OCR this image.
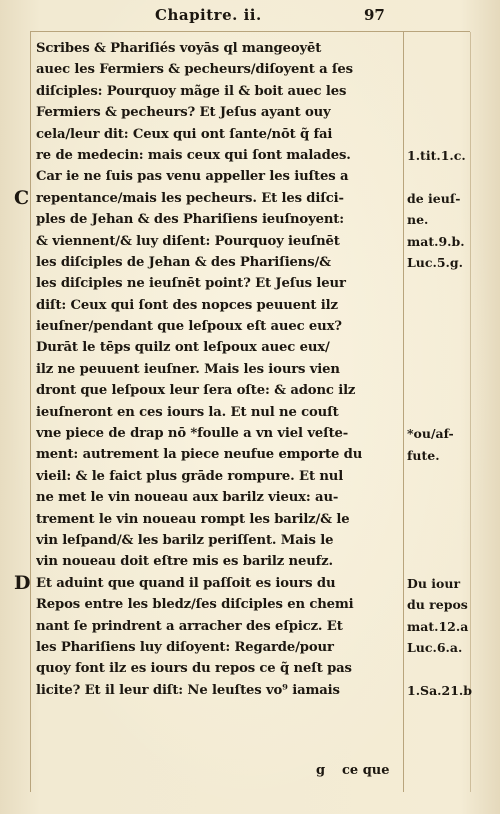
Chapitre. ii.	97
Scribes & Phariſiés voyās ql mangeoyēt
auec les Fermiers & pecheurs/diſoyent a ſes
diſciples: Pourquoy mãge il & boit auec les
Fermiers & pecheurs? Et Jeſus ayant ouy
cela/leur dit: Ceux qui ont ſante/nōt q̃ fai
re de medecin: mais ceux qui ſont malades.
Car ie ne ſuis pas venu appeller les iuſtes a
repentance/mais les pecheurs. Et les diſci-
ples de Jehan & des Phariſiens ieuſnoyent:
& viennent/& luy diſent: Pourquoy ieuſnēt
les diſciples de Jehan & des Phariſiens/&
les diſciples ne ieuſnēt point? Et Jeſus leur
diſt: Ceux qui ſont des nopces peuuent ilz
ieuſner/pendant que leſpoux eſt auec eux?
Durāt le tēps quilz ont leſpoux auec eux/
ilz ne peuuent ieuſner. Mais les iours vien
dront que leſpoux leur ſera oſte: & adonc ilz
ieuſneront en ces iours la. Et nul ne couſt
vne piece de drap nō *foulle a vn viel veſte-
ment: autrement la piece neufue emporte du
vieil: & le faict plus grāde rompure. Et nul
ne met le vin noueau aux barilz vieux: au-
trement le vin noueau rompt les barilz/& le
vin leſpand/& les barilz periſſent. Mais le
vin noueau doit eſtre mis es barilz neufz.
Et aduint que quand il paſſoit es iours du
Repos entre les bledz/ſes diſciples en chemi
nant ſe prindrent a arracher des eſpicz. Et
les Phariſiens luy diſoyent: Regarde/pour
quoy font ilz es iours du repos ce q̃ neſt pas
licite? Et il leur diſt: Ne leuſtes vo⁹ iamais
C
D
1.tit.1.c.
de ieuſ-
ne.
mat.9.b.
Luc.5.g.
*ou/af-
fute.
Du iour
du repos
mat.12.a
Luc.6.a.
1.Sa.21.b
g ce que
